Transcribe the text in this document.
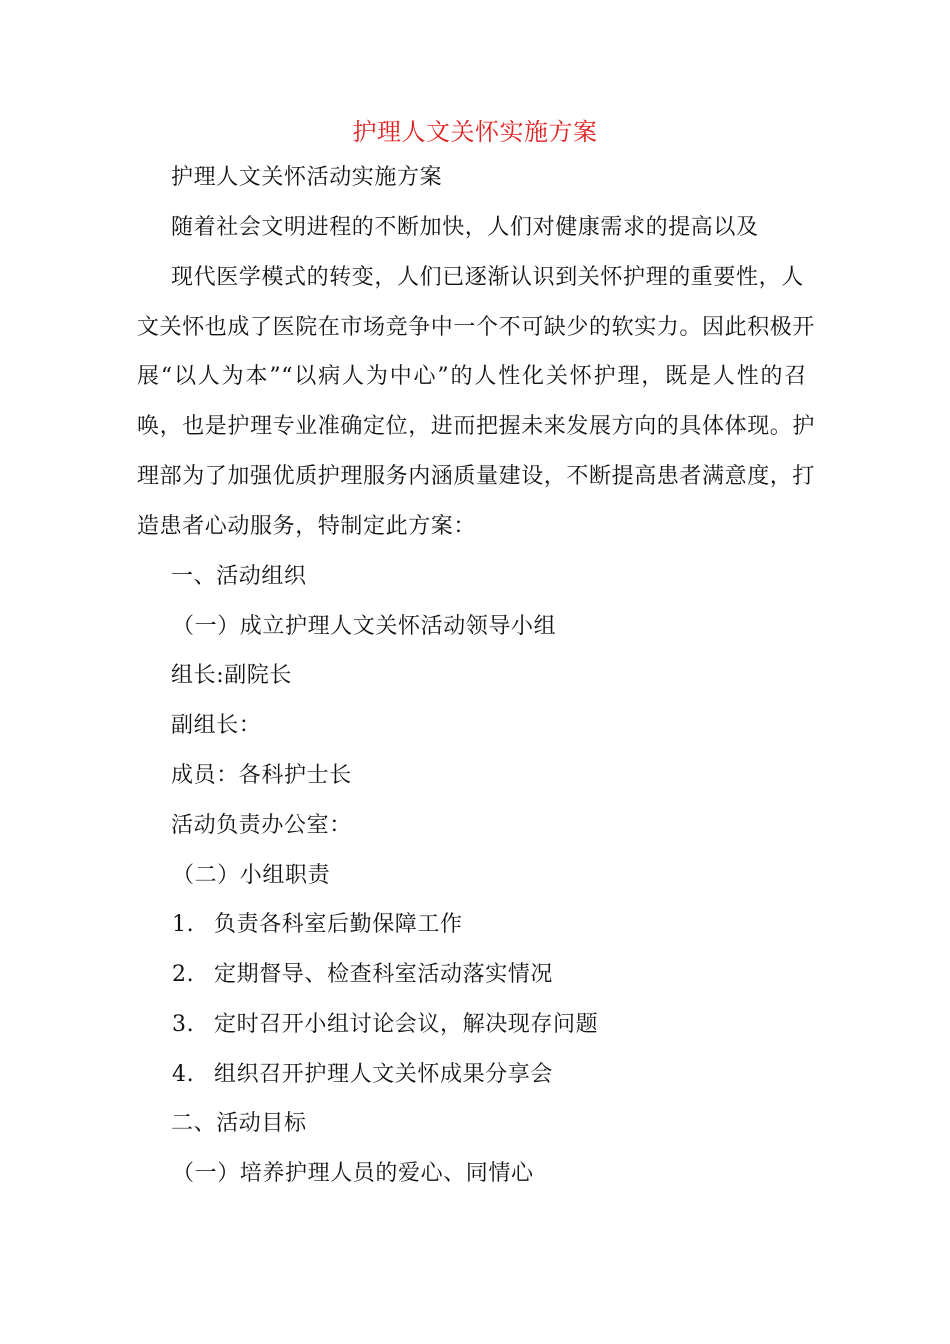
护理人文关怀实施方案
护理人文关怀活动实施方案
随着社会文明进程的不断加快，人们对健康需求的提高以及
现代医学模式的转变，人们已逐渐认识到关怀护理的重要性，人
文关怀也成了医院在市场竞争中一个不可缺少的软实力。因此积极开
展“以人为本”“以病人为中心”的人性化关怀护理，既是人性的召
唤，也是护理专业准确定位，进而把握未来发展方向的具体体现。护
理部为了加强优质护理服务内涵质量建设，不断提高患者满意度，打
造患者心动服务，特制定此方案：
一、活动组织
（一）成立护理人文关怀活动领导小组
组长:副院长
副组长：
成员：各科护士长
活动负责办公室：
（二）小组职责
1. 负责各科室后勤保障工作
2. 定期督导、检查科室活动落实情况
3. 定时召开小组讨论会议，解决现存问题
4. 组织召开护理人文关怀成果分享会
二、活动目标
（一）培养护理人员的爱心、同情心
